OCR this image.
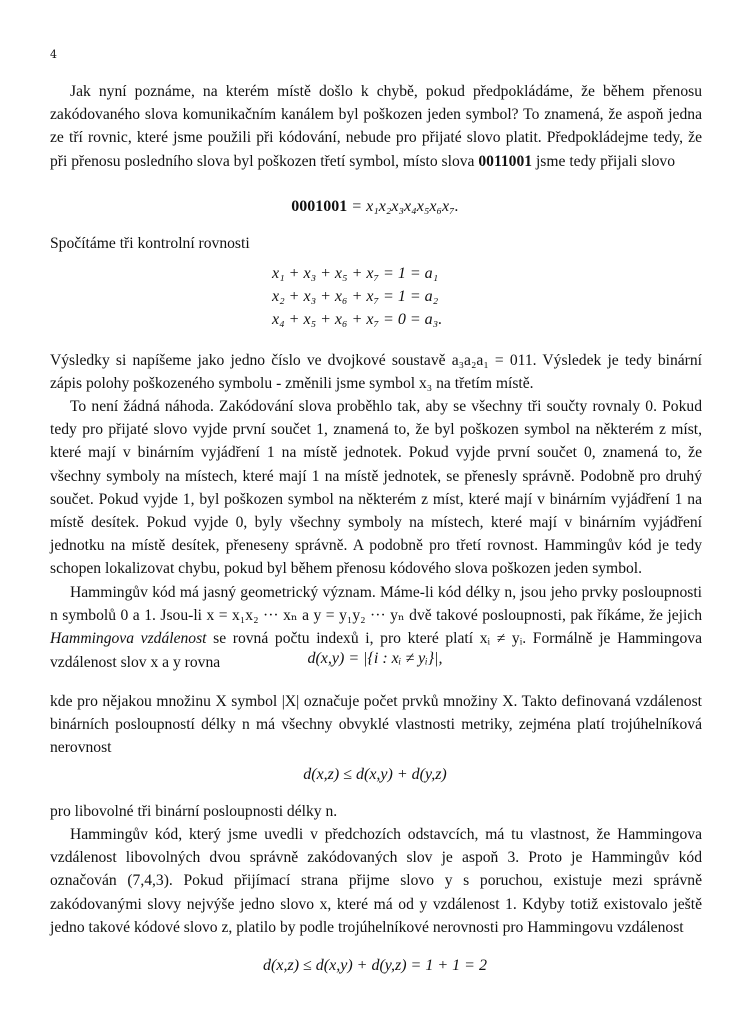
4
Jak nyní poznáme, na kterém místě došlo k chybě, pokud předpokládáme, že během přenosu zakódovaného slova komunikačním kanálem byl poškozen jeden symbol? To znamená, že aspoň jedna ze tří rovnic, které jsme použili při kódování, nebude pro přijaté slovo platit. Předpokládejme tedy, že při přenosu posledního slova byl poškozen třetí symbol, místo slova 0011001 jsme tedy přijali slovo
0001001 = x₁x₂x₃x₄x₅x₆x₇.
Spočítáme tři kontrolní rovnosti
x₁ + x₃ + x₅ + x₇ = 1 = a₁
x₂ + x₃ + x₆ + x₇ = 1 = a₂
x₄ + x₅ + x₆ + x₇ = 0 = a₃.
Výsledky si napíšeme jako jedno číslo ve dvojkové soustavě a₃a₂a₁ = 011. Výsledek je tedy binární zápis polohy poškozeného symbolu - změnili jsme symbol x₃ na třetím místě.
To není žádná náhoda. Zakódování slova proběhlo tak, aby se všechny tři součty rovnaly 0. Pokud tedy pro přijaté slovo vyjde první součet 1, znamená to, že byl poškozen symbol na některém z míst, které mají v binárním vyjádření 1 na místě jednotek. Pokud vyjde první součet 0, znamená to, že všechny symboly na místech, které mají 1 na místě jednotek, se přenesly správně. Podobně pro druhý součet. Pokud vyjde 1, byl poškozen symbol na některém z míst, které mají v binárním vyjádření 1 na místě desítek. Pokud vyjde 0, byly všechny symboly na místech, které mají v binárním vyjádření jednotku na místě desítek, přeneseny správně. A podobně pro třetí rovnost. Hammingův kód je tedy schopen lokalizovat chybu, pokud byl během přenosu kódového slova poškozen jeden symbol.
Hammingův kód má jasný geometrický význam. Máme-li kód délky n, jsou jeho prvky posloupnosti n symbolů 0 a 1. Jsou-li x = x₁x₂ ··· xₙ a y = y₁y₂ ··· yₙ dvě takové posloupnosti, pak říkáme, že jejich Hammingova vzdálenost se rovná počtu indexů i, pro které platí xᵢ ≠ yᵢ. Formálně je Hammingova vzdálenost slov x a y rovna	d(x,y) = |{i : xᵢ ≠ yᵢ}|,
kde pro nějakou množinu X symbol |X| označuje počet prvků množiny X. Takto definovaná vzdálenost binárních posloupností délky n má všechny obvyklé vlastnosti metriky, zejména platí trojúhelníková nerovnost
d(x,z) ≤ d(x,y) + d(y,z)
pro libovolné tři binární posloupnosti délky n.
Hammingův kód, který jsme uvedli v předchozích odstavcích, má tu vlastnost, že Hammingova vzdálenost libovolných dvou správně zakódovaných slov je aspoň 3. Proto je Hammingův kód označován (7,4,3). Pokud přijímací strana přijme slovo y s poruchou, existuje mezi správně zakódovanými slovy nejvýše jedno slovo x, které má od y vzdálenost 1. Kdyby totiž existovalo ještě jedno takové kódové slovo z, platilo by podle trojúhelníkové nerovnosti pro Hammingovu vzdálenost
d(x,z) ≤ d(x,y) + d(y,z) = 1 + 1 = 2
